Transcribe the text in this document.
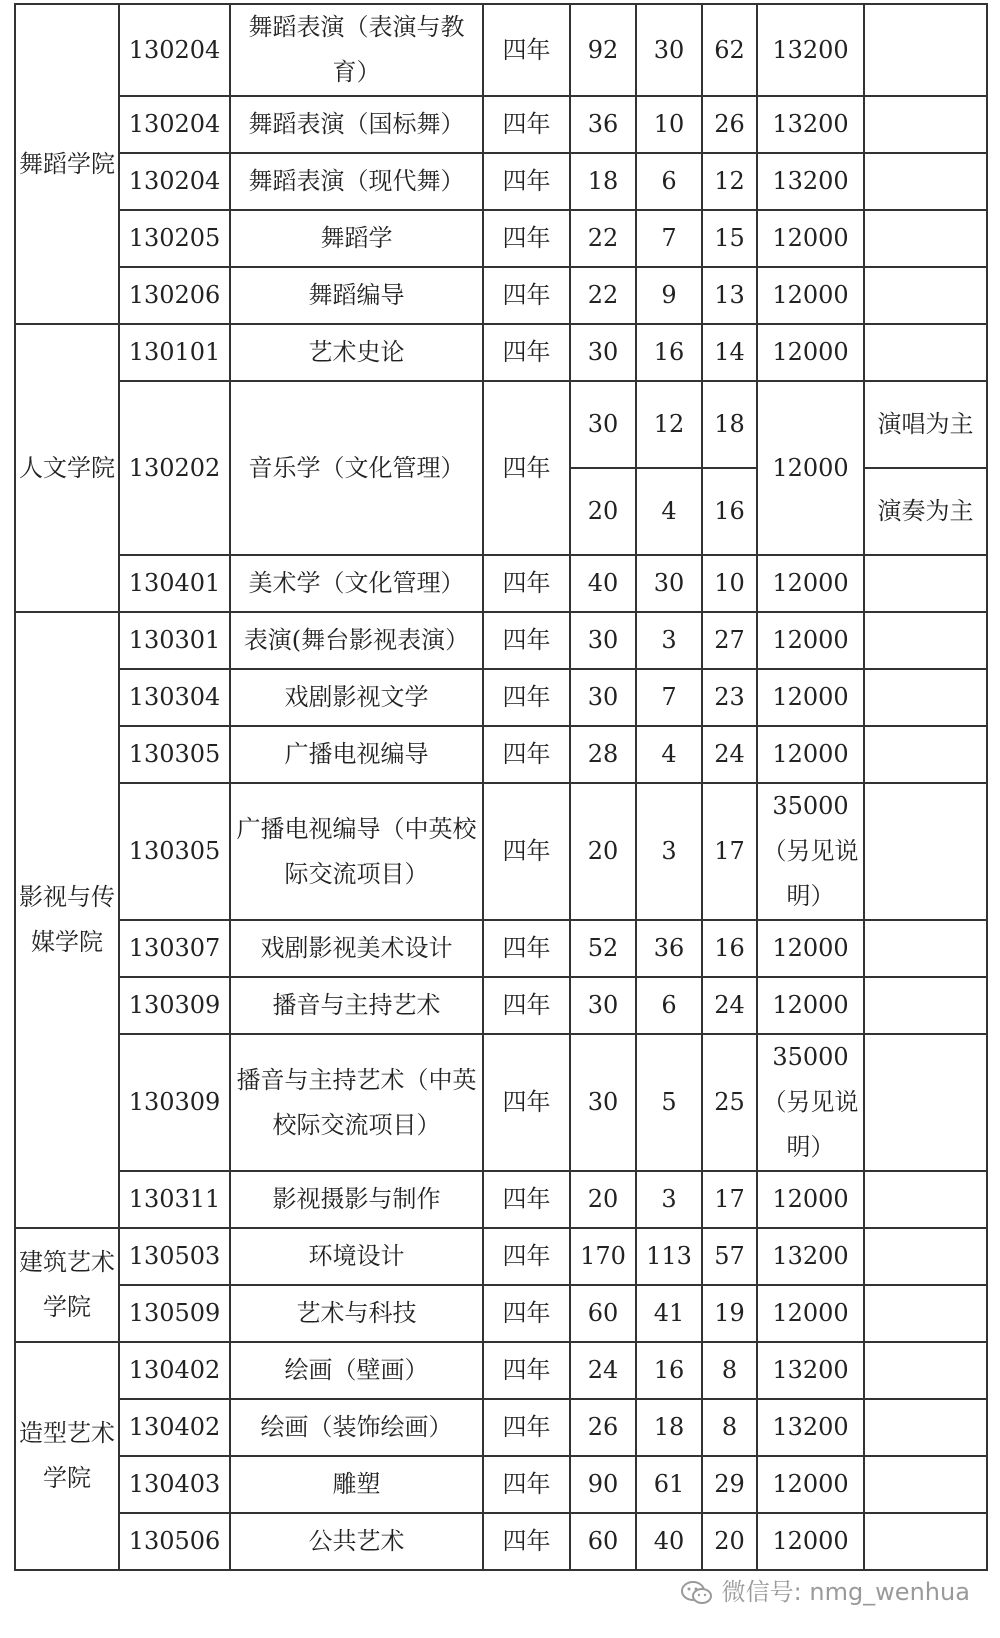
舞蹈学院	130204	舞蹈表演（表演与教育）	四年	92	30	62	13200	
	130204	舞蹈表演（国标舞）	四年	36	10	26	13200	
	130204	舞蹈表演（现代舞）	四年	18	6	12	13200	
	130205	舞蹈学	四年	22	7	15	12000	
	130206	舞蹈编导	四年	22	9	13	12000	
人文学院	130101	艺术史论	四年	30	16	14	12000	
	130202	音乐学（文化管理）	四年	30	12	18	12000	演唱为主
				20	4	16		演奏为主
	130401	美术学（文化管理）	四年	40	30	10	12000	
影视与传媒学院	130301	表演(舞台影视表演）	四年	30	3	27	12000	
	130304	戏剧影视文学	四年	30	7	23	12000	
	130305	广播电视编导	四年	28	4	24	12000	
	130305	广播电视编导（中英校际交流项目）	四年	20	3	17	35000（另见说明）	
	130307	戏剧影视美术设计	四年	52	36	16	12000	
	130309	播音与主持艺术	四年	30	6	24	12000	
	130309	播音与主持艺术（中英校际交流项目）	四年	30	5	25	35000（另见说明）	
	130311	影视摄影与制作	四年	20	3	17	12000	
建筑艺术学院	130503	环境设计	四年	170	113	57	13200	
	130509	艺术与科技	四年	60	41	19	12000	
造型艺术学院	130402	绘画（壁画）	四年	24	16	8	13200	
	130402	绘画（装饰绘画）	四年	26	18	8	13200	
	130403	雕塑	四年	90	61	29	12000	
	130506	公共艺术	四年	60	40	20	12000	
微信号: nmg_wenhua
